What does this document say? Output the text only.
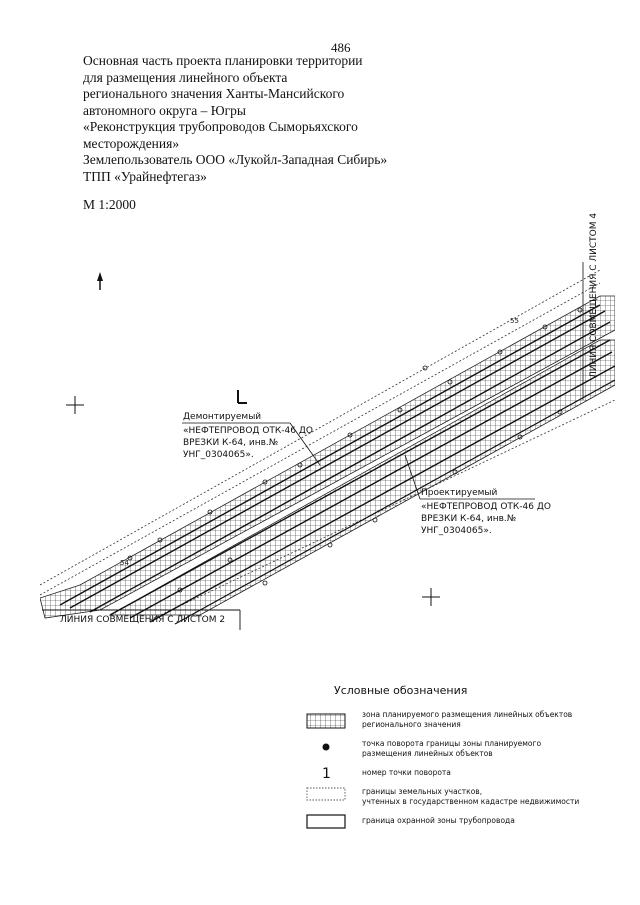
486
Основная часть проекта планировки территории
для размещения линейного объекта
регионального значения Ханты-Мансийского
автономного округа – Югры
«Реконструкция трубопроводов Сыморьяхского
месторождения»
Землепользователь ООО «Лукойл-Западная Сибирь»
ТПП «Урайнефтегаз»
М 1:2000
55
54
ЛИНИЯ СОВМЕЩЕНИЯ С ЛИСТОМ 4
ЛИНИЯ СОВМЕЩЕНИЯ С ЛИСТОМ 2
Демонтируемый
«НЕФТЕПРОВОД ОТК-46 ДО
ВРЕЗКИ К-64, инв.№
УНГ_0304065».
Проектируемый
«НЕФТЕПРОВОД ОТК-46 ДО
ВРЕЗКИ К-64, инв.№
УНГ_0304065».
Условные обозначения
зона планируемого размещения линейных объектов
регионального значения
точка поворота границы зоны планируемого
размещения линейных объектов
1	номер точки поворота
границы земельных участков,
учтенных в государственном кадастре недвижимости
граница охранной зоны трубопровода
